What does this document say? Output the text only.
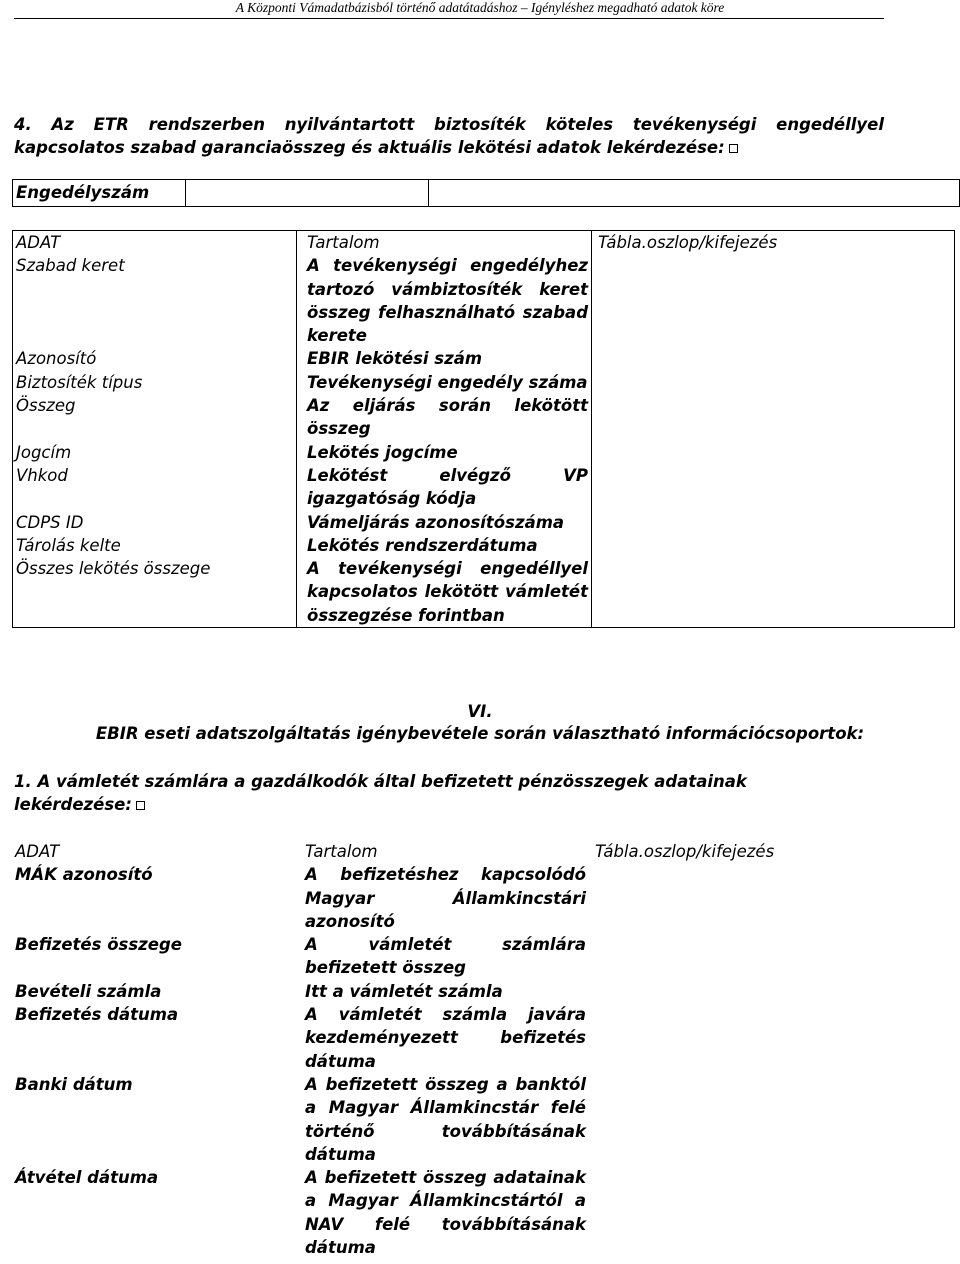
A Központi Vámadatbázisból történő adatátadáshoz – Igényléshez megadható adatok köre
4. Az ETR rendszerben nyilvántartott biztosíték köteles tevékenységi engedéllyel kapcsolatos szabad garanciaösszeg és aktuális lekötési adatok lekérdezése:
Engedélyszám
ADAT	Tartalom	Tábla.oszlop/kifejezés
Szabad keret	A tevékenységi engedélyhez tartozó vámbiztosíték keret összeg felhasználható szabad kerete	
Azonosító	EBIR lekötési szám	
Biztosíték típus	Tevékenységi engedély száma	
Összeg	Az eljárás során lekötött összeg	
Jogcím	Lekötés jogcíme	
Vhkod	Lekötést elvégző VP igazgatóság kódja	
CDPS ID	Vámeljárás azonosítószáma	
Tárolás kelte	Lekötés rendszerdátuma	
Összes lekötés összege	A tevékenységi engedéllyel kapcsolatos lekötött vámletét összegzése forintban	
VI.
EBIR eseti adatszolgáltatás igénybevétele során választható információcsoportok:
1. A vámletét számlára a gazdálkodók által befizetett pénzösszegek adatainak lekérdezése:
ADAT	Tartalom	Tábla.oszlop/kifejezés
MÁK azonosító	A befizetéshez kapcsolódó Magyar Államkincstári azonosító	
Befizetés összege	A vámletét számlára befizetett összeg	
Bevételi számla	Itt a vámletét számla	
Befizetés dátuma	A vámletét számla javára kezdeményezett befizetés dátuma	
Banki dátum	A befizetett összeg a banktól a Magyar Államkincstár felé történő továbbításának dátuma	
Átvétel dátuma	A befizetett összeg adatainak a Magyar Államkincstártól a NAV felé továbbításának dátuma	
